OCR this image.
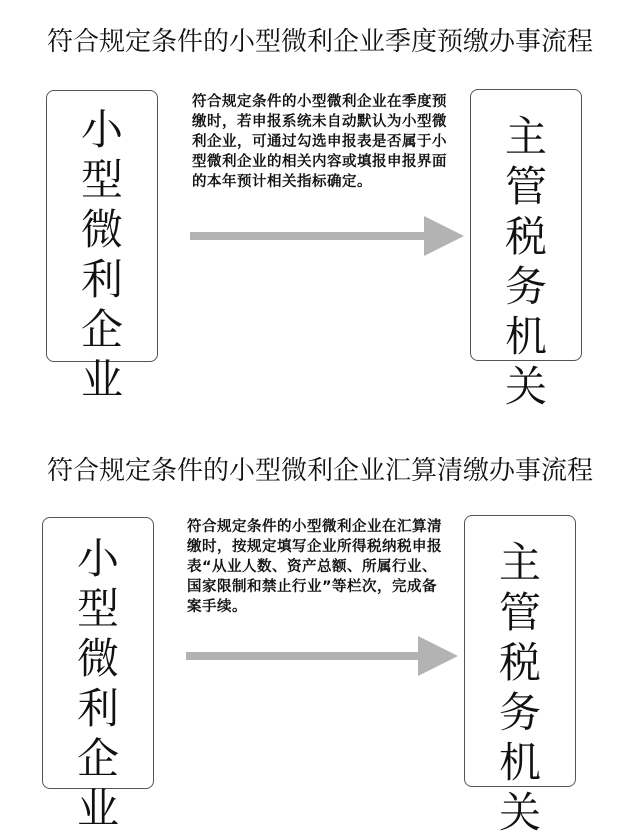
符合规定条件的小型微利企业季度预缴办事流程
小
型
微
利
企
业
符合规定条件的小型微利企业在季度预缴时，若申报系统未自动默认为小型微利企业，可通过勾选申报表是否属于小型微利企业的相关内容或填报申报界面的本年预计相关指标确定。
主
管
税
务
机
关
符合规定条件的小型微利企业汇算清缴办事流程
小
型
微
利
企
业
符合规定条件的小型微利企业在汇算清缴时，按规定填写企业所得税纳税申报表“从业人数、资产总额、所属行业、国家限制和禁止行业”等栏次，完成备案手续。
主
管
税
务
机
关
